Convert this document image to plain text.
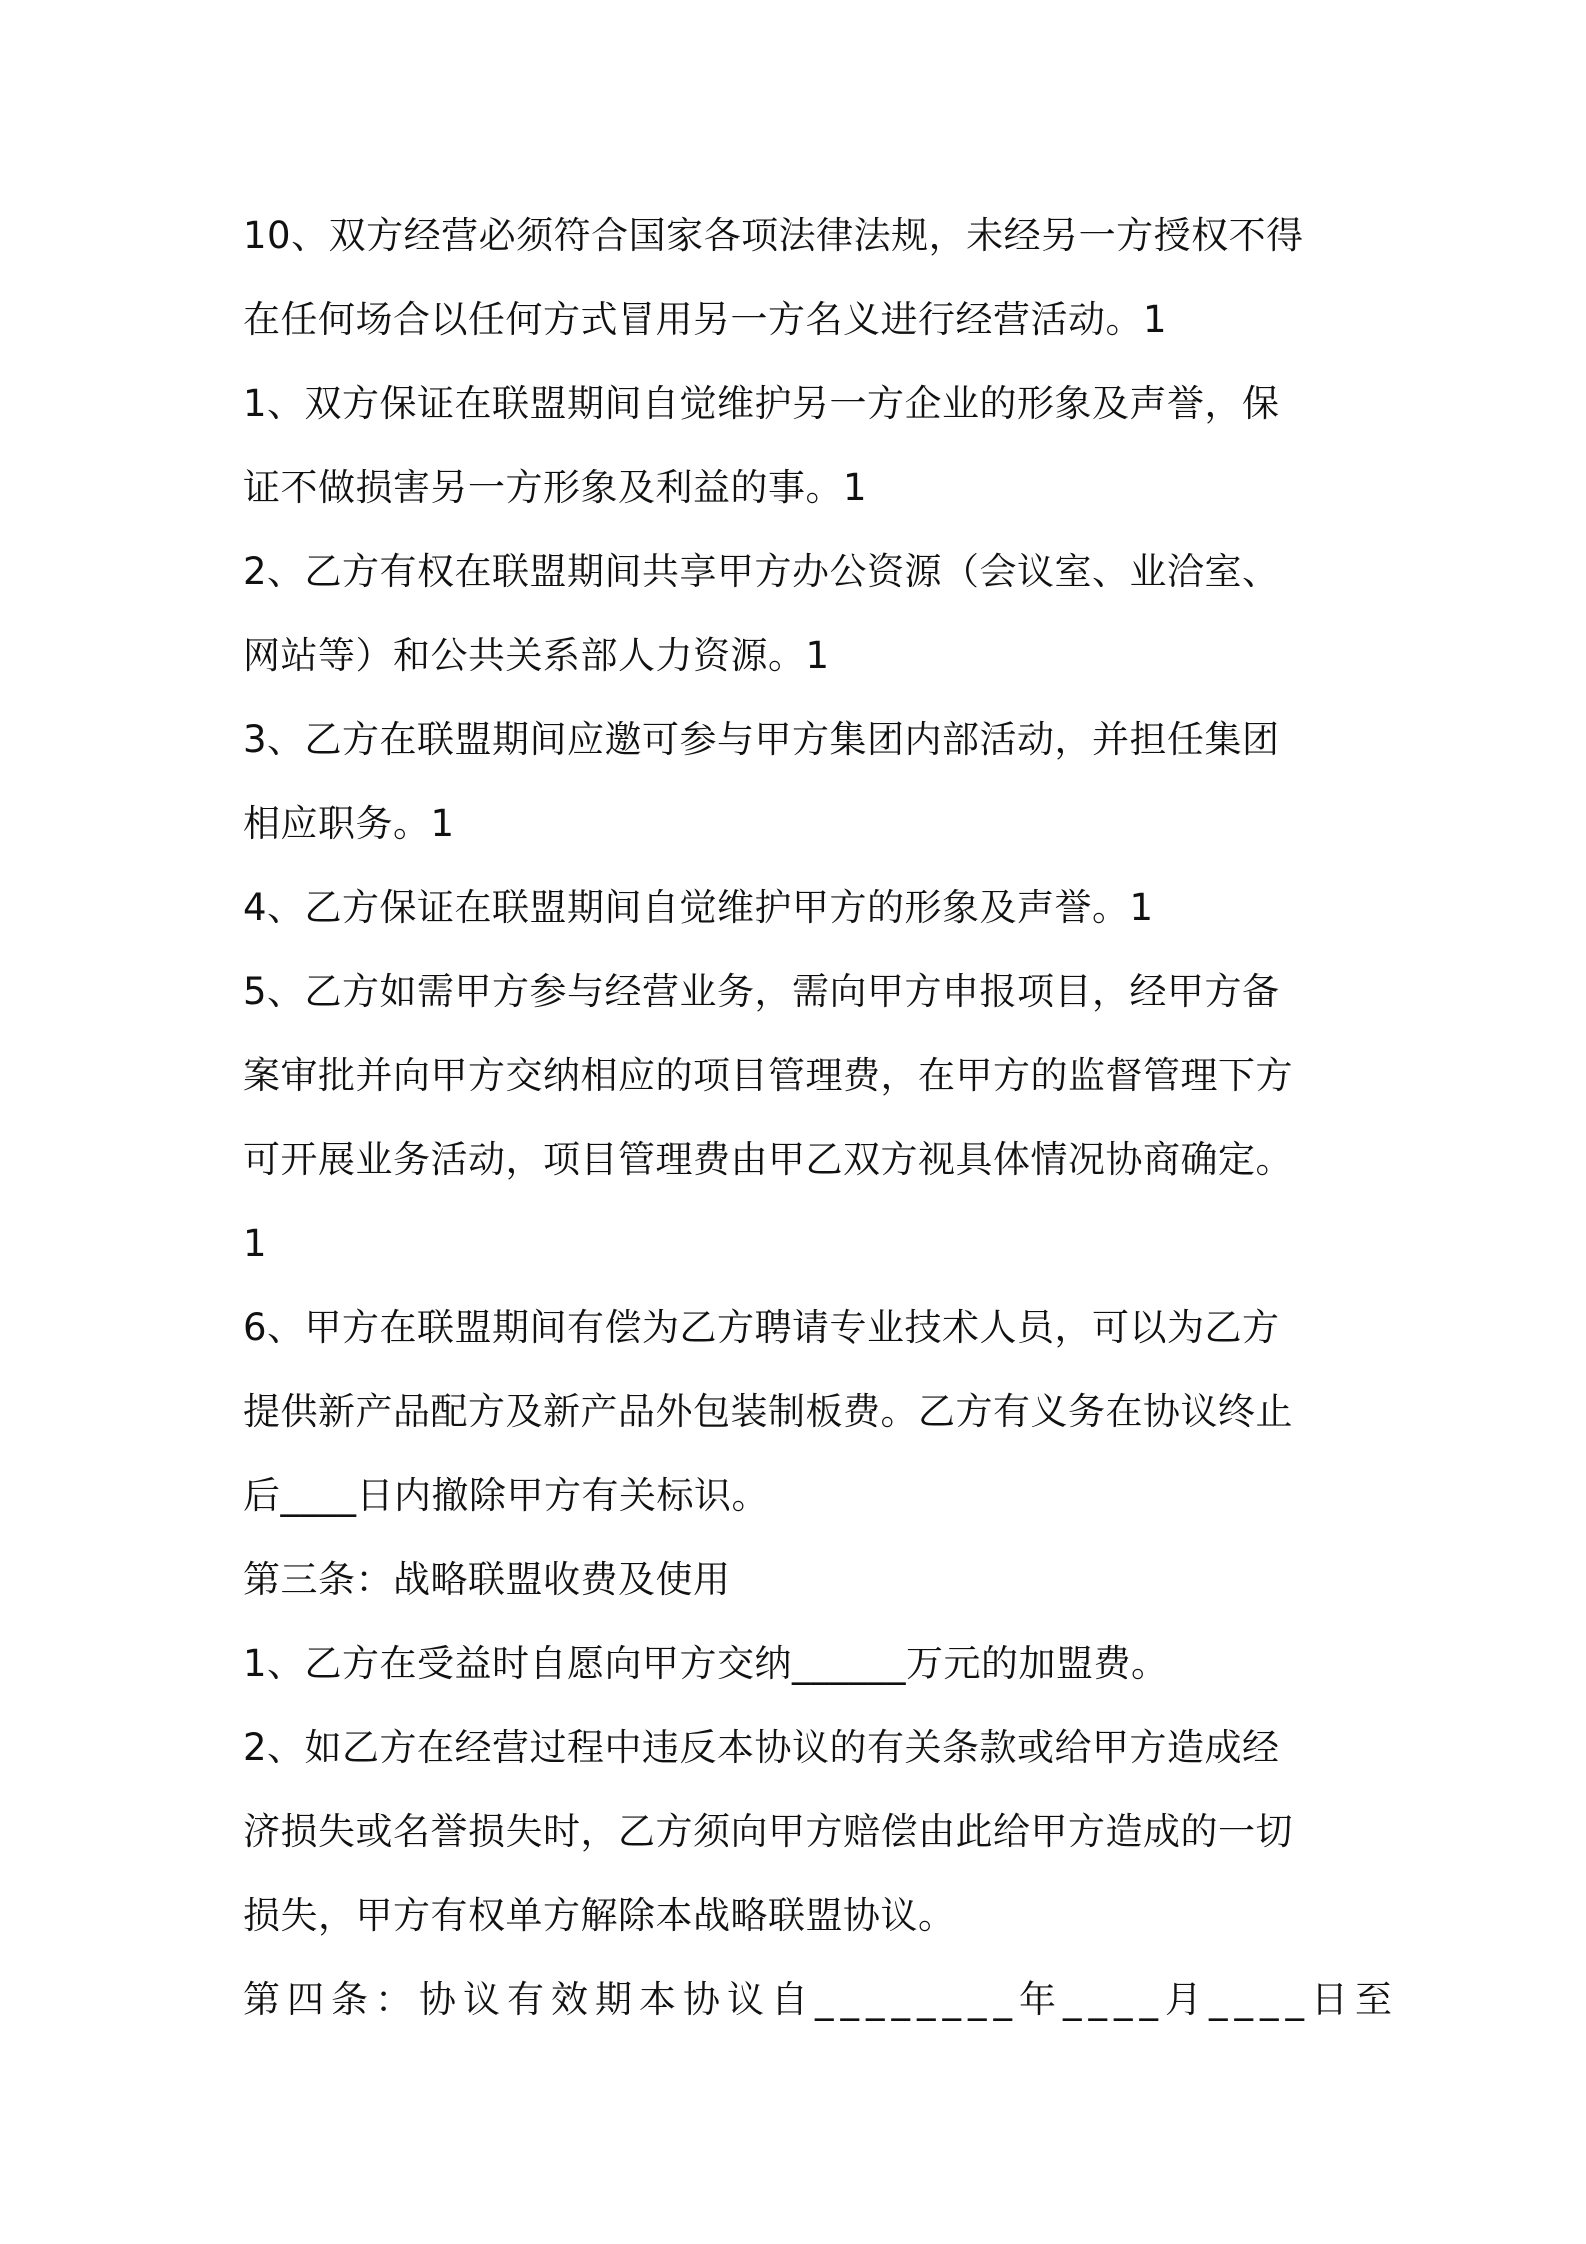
10、双方经营必须符合国家各项法律法规，未经另一方授权不得

在任何场合以任何方式冒用另一方名义进行经营活动。1

1、双方保证在联盟期间自觉维护另一方企业的形象及声誉，保

证不做损害另一方形象及利益的事。1

2、乙方有权在联盟期间共享甲方办公资源（会议室、业洽室、

网站等）和公共关系部人力资源。1

3、乙方在联盟期间应邀可参与甲方集团内部活动，并担任集团

相应职务。1

4、乙方保证在联盟期间自觉维护甲方的形象及声誉。1

5、乙方如需甲方参与经营业务，需向甲方申报项目，经甲方备

案审批并向甲方交纳相应的项目管理费，在甲方的监督管理下方

可开展业务活动，项目管理费由甲乙双方视具体情况协商确定。

1

6、甲方在联盟期间有偿为乙方聘请专业技术人员，可以为乙方

提供新产品配方及新产品外包装制板费。乙方有义务在协议终止

后____日内撤除甲方有关标识。

第三条：战略联盟收费及使用

1、乙方在受益时自愿向甲方交纳______万元的加盟费。

2、如乙方在经营过程中违反本协议的有关条款或给甲方造成经

济损失或名誉损失时，乙方须向甲方赔偿由此给甲方造成的一切

损失，甲方有权单方解除本战略联盟协议。

第四条：协议有效期本协议自________年____月____日至
